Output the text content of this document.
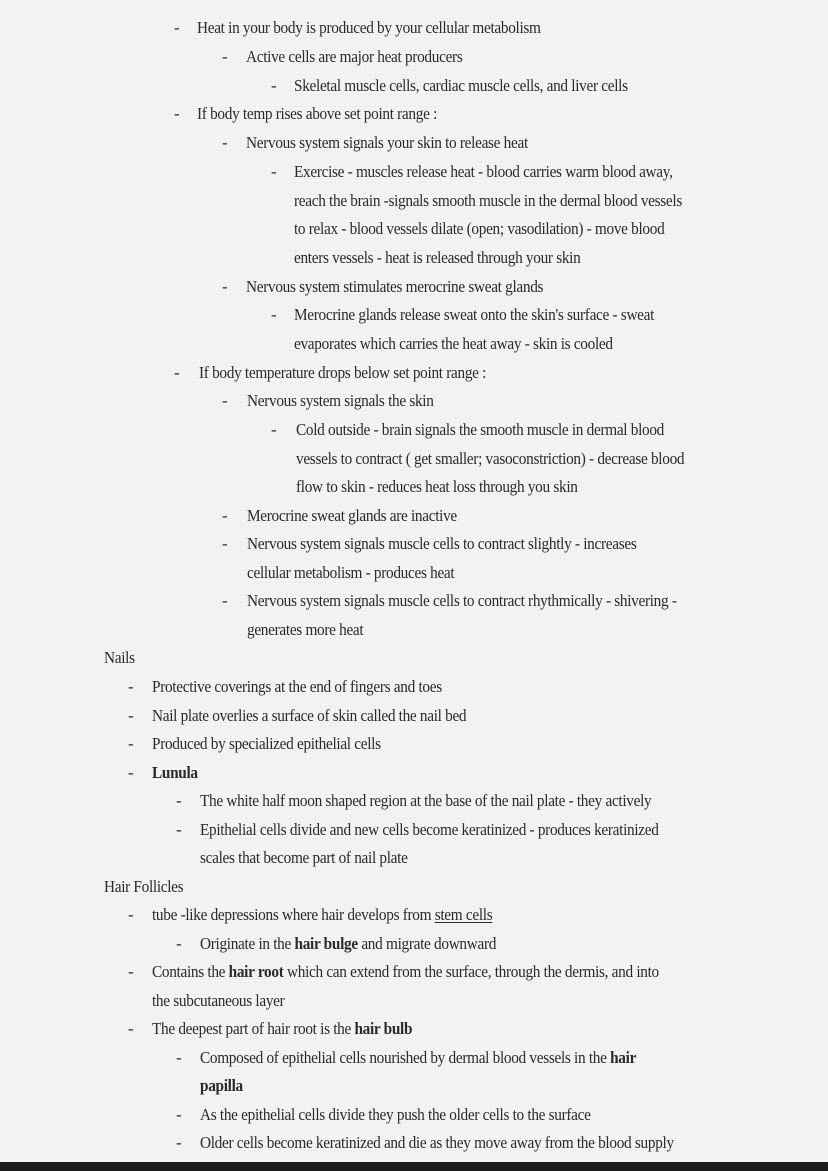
- Heat in your body is produced by your cellular metabolism
- Active cells are major heat producers
- Skeletal muscle cells, cardiac muscle cells, and liver cells
- If body temp rises above set point range :
- Nervous system signals your skin to release heat
- Exercise - muscles release heat - blood carries warm blood away,
reach the brain -signals smooth muscle in the dermal blood vessels
to relax - blood vessels dilate (open; vasodilation) - move blood
enters vessels - heat is released through your skin
- Nervous system stimulates merocrine sweat glands
- Merocrine glands release sweat onto the skin's surface - sweat
evaporates which carries the heat away - skin is cooled
- If body temperature drops below set point range :
- Nervous system signals the skin
- Cold outside - brain signals the smooth muscle in dermal blood
vessels to contract ( get smaller; vasoconstriction) - decrease blood
flow to skin - reduces heat loss through you skin
- Merocrine sweat glands are inactive
- Nervous system signals muscle cells to contract slightly - increases
cellular metabolism - produces heat
- Nervous system signals muscle cells to contract rhythmically - shivering -
generates more heat
Nails
- Protective coverings at the end of fingers and toes
- Nail plate overlies a surface of skin called the nail bed
- Produced by specialized epithelial cells
- Lunula
- The white half moon shaped region at the base of the nail plate - they actively
- Epithelial cells divide and new cells become keratinized - produces keratinized
scales that become part of nail plate
Hair Follicles
- tube -like depressions where hair develops from stem cells
- Originate in the hair bulge and migrate downward
- Contains the hair root which can extend from the surface, through the dermis, and into
the subcutaneous layer
- The deepest part of hair root is the hair bulb
- Composed of epithelial cells nourished by dermal blood vessels in the hair
papilla
- As the epithelial cells divide they push the older cells to the surface
- Older cells become keratinized and die as they move away from the blood supply
